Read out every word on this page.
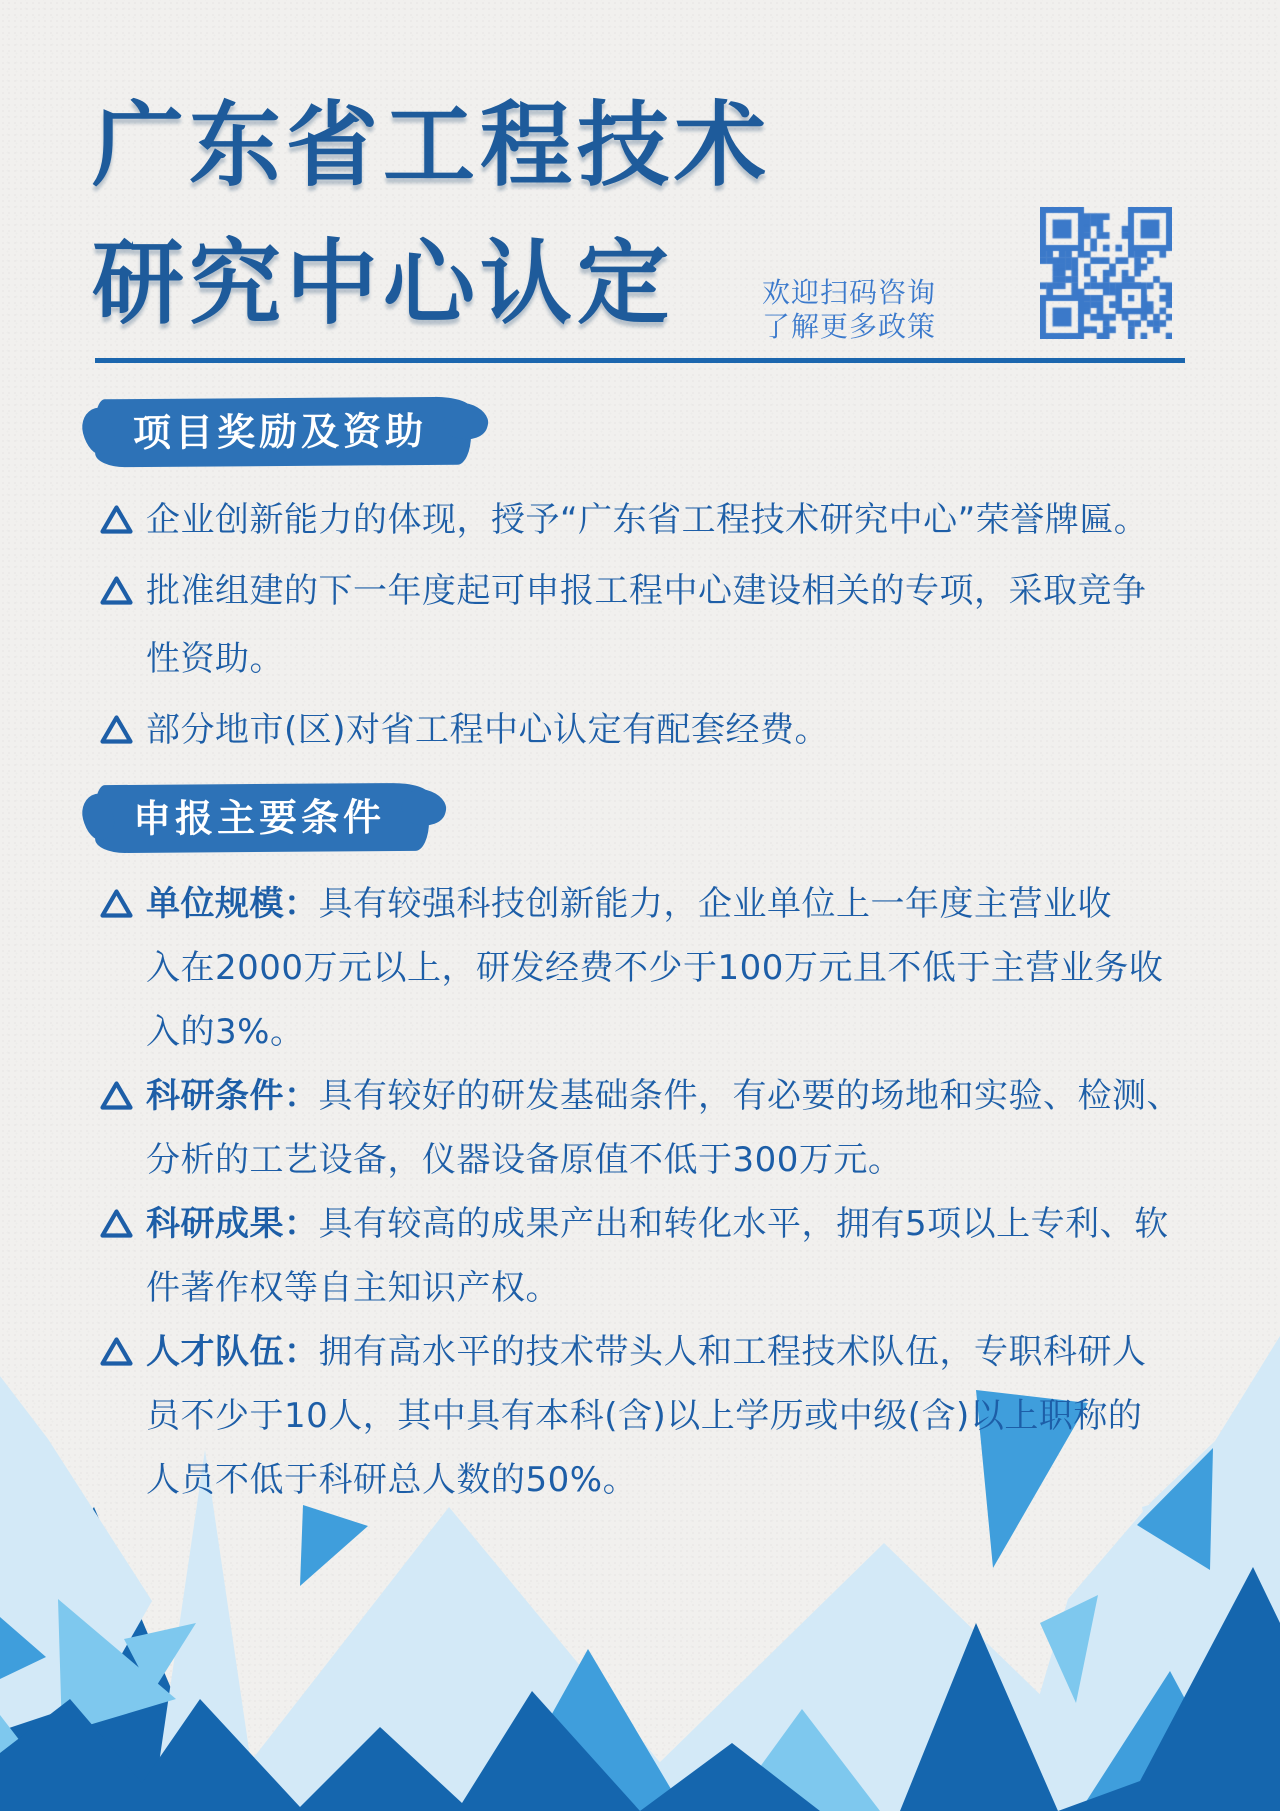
广东省工程技术
研究中心认定	欢迎扫码咨询
了解更多政策
项目奖励及资助
企业创新能力的体现，授予“广东省工程技术研究中心”荣誉牌匾。
批准组建的下一年度起可申报工程中心建设相关的专项，采取竞争
性资助。
部分地市(区)对省工程中心认定有配套经费。
申报主要条件
单位规模：具有较强科技创新能力，企业单位上一年度主营业收
入在2000万元以上，研发经费不少于100万元且不低于主营业务收
入的3%。
科研条件：具有较好的研发基础条件，有必要的场地和实验、检测、
分析的工艺设备，仪器设备原值不低于300万元。
科研成果：具有较高的成果产出和转化水平，拥有5项以上专利、软
件著作权等自主知识产权。
人才队伍：拥有高水平的技术带头人和工程技术队伍，专职科研人
员不少于10人，其中具有本科(含)以上学历或中级(含)以上职称的
人员不低于科研总人数的50%。
